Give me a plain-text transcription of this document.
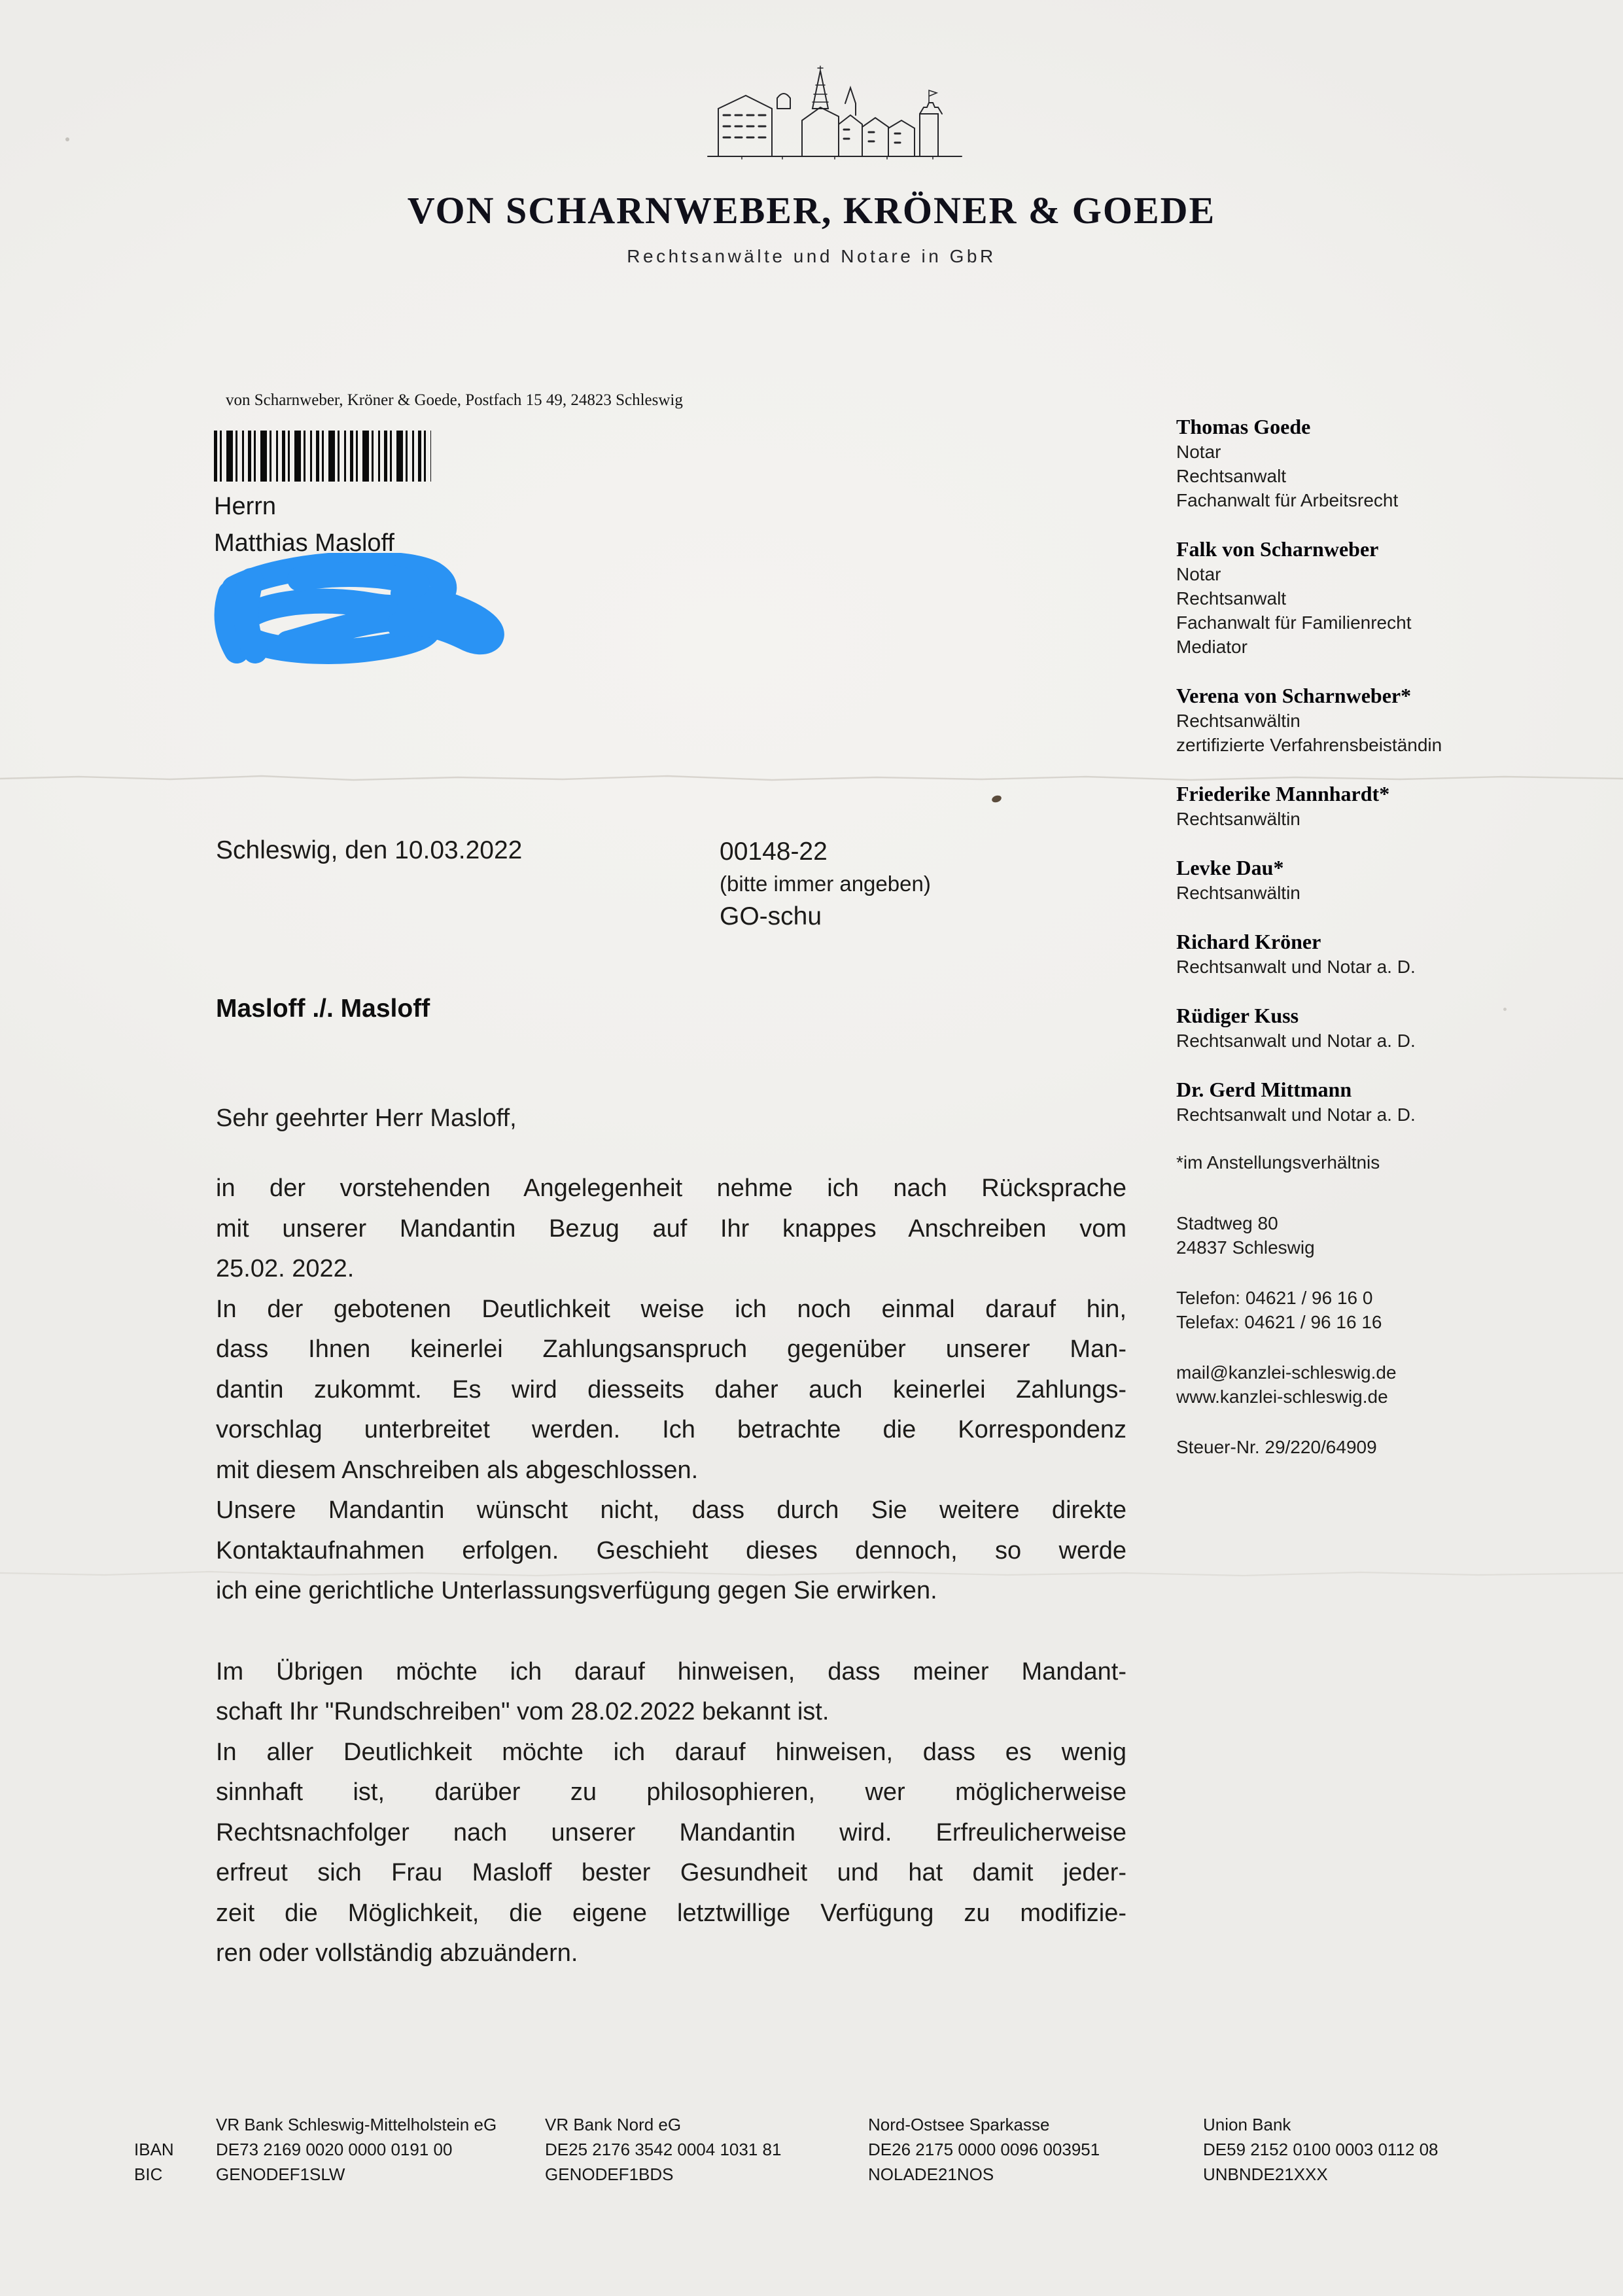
VON SCHARNWEBER, KRÖNER & GOEDE
Rechtsanwälte und Notare in GbR
von Scharnweber, Kröner & Goede, Postfach 15 49, 24823 Schleswig
Herrn
Matthias Masloff
Schleswig, den 10.03.2022	00148-22
(bitte immer angeben)
GO-schu
Masloff ./. Masloff
Sehr geehrter Herr Masloff,
in der vorstehenden Angelegenheit nehme ich nach Rücksprache
mit unserer Mandantin Bezug auf Ihr knappes Anschreiben vom
25.02. 2022.
In der gebotenen Deutlichkeit weise ich noch einmal darauf hin,
dass Ihnen keinerlei Zahlungsanspruch gegenüber unserer Man-
dantin zukommt. Es wird diesseits daher auch keinerlei Zahlungs-
vorschlag unterbreitet werden. Ich betrachte die Korrespondenz
mit diesem Anschreiben als abgeschlossen.
Unsere Mandantin wünscht nicht, dass durch Sie weitere direkte
Kontaktaufnahmen erfolgen. Geschieht dieses dennoch, so werde
ich eine gerichtliche Unterlassungsverfügung gegen Sie erwirken.
Im Übrigen möchte ich darauf hinweisen, dass meiner Mandant-
schaft Ihr "Rundschreiben" vom 28.02.2022 bekannt ist.
In aller Deutlichkeit möchte ich darauf hinweisen, dass es wenig
sinnhaft ist, darüber zu philosophieren, wer möglicherweise
Rechtsnachfolger nach unserer Mandantin wird. Erfreulicherweise
erfreut sich Frau Masloff bester Gesundheit und hat damit jeder-
zeit die Möglichkeit, die eigene letztwillige Verfügung zu modifizie-
ren oder vollständig abzuändern.
Thomas Goede
Notar
Rechtsanwalt
Fachanwalt für Arbeitsrecht
Falk von Scharnweber
Notar
Rechtsanwalt
Fachanwalt für Familienrecht
Mediator
Verena von Scharnweber*
Rechtsanwältin
zertifizierte Verfahrensbeiständin
Friederike Mannhardt*
Rechtsanwältin
Levke Dau*
Rechtsanwältin
Richard Kröner
Rechtsanwalt und Notar a. D.
Rüdiger Kuss
Rechtsanwalt und Notar a. D.
Dr. Gerd Mittmann
Rechtsanwalt und Notar a. D.
*im Anstellungsverhältnis
Stadtweg 80
24837 Schleswig
Telefon: 04621 / 96 16 0
Telefax: 04621 / 96 16 16
mail@kanzlei-schleswig.de
www.kanzlei-schleswig.de
Steuer-Nr. 29/220/64909
IBAN
BIC
VR Bank Schleswig-Mittelholstein eG
DE73 2169 0020 0000 0191 00
GENODEF1SLW
VR Bank Nord eG
DE25 2176 3542 0004 1031 81
GENODEF1BDS
Nord-Ostsee Sparkasse
DE26 2175 0000 0096 003951
NOLADE21NOS
Union Bank
DE59 2152 0100 0003 0112 08
UNBNDE21XXX
